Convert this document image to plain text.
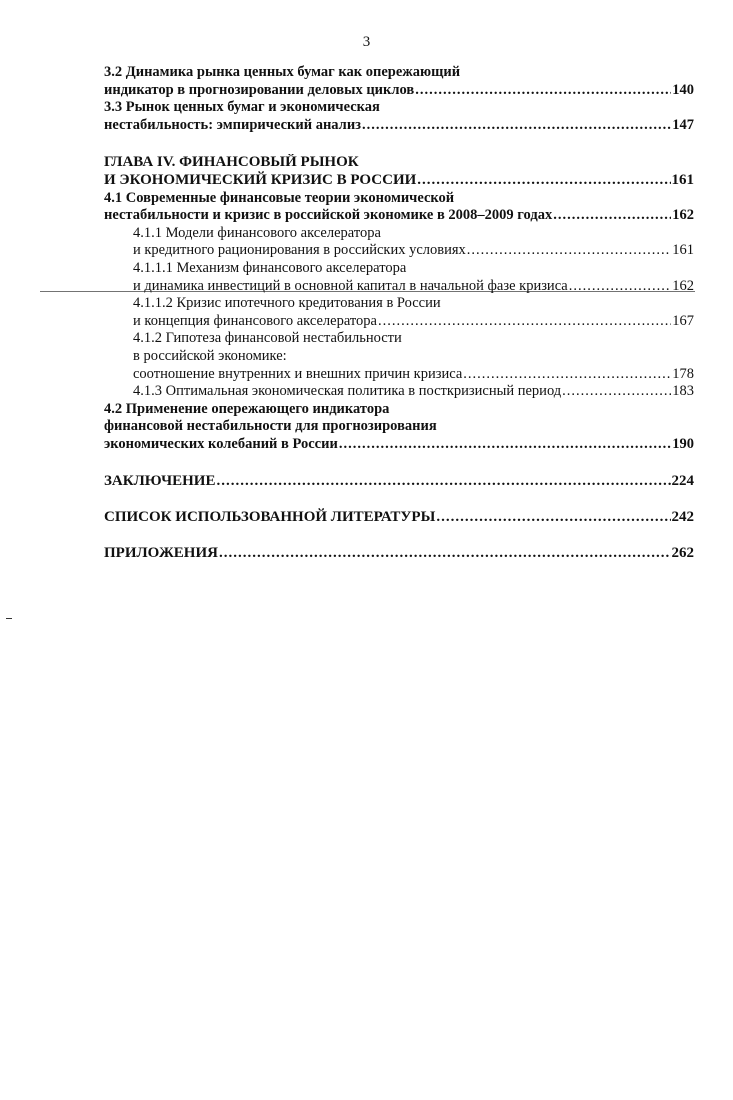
3
3.2 Динамика рынка ценных бумаг как опережающий
индикатор в прогнозировании деловых циклов .....	140
3.3 Рынок ценных бумаг и экономическая
нестабильность: эмпирический анализ .....	147
ГЛАВА IV. ФИНАНСОВЫЙ РЫНОК
И ЭКОНОМИЧЕСКИЙ КРИЗИС В РОССИИ .....	161
4.1 Современные финансовые теории экономической
нестабильности и кризис в российской экономике в 2008–2009 годах .....	162
4.1.1 Модели финансового акселератора
и кредитного рационирования в российских условиях .....	161
4.1.1.1 Механизм финансового акселератора
и динамика инвестиций в основной капитал в начальной фазе кризиса .....	162
4.1.1.2 Кризис ипотечного кредитования в России
и концепция финансового акселератора .....	167
4.1.2 Гипотеза финансовой нестабильности
в российской экономике:
соотношение внутренних и внешних причин кризиса .....	178
4.1.3 Оптимальная экономическая политика в посткризисный период .....	183
4.2 Применение опережающего индикатора
финансовой нестабильности для прогнозирования
экономических колебаний в России .....	190
ЗАКЛЮЧЕНИЕ .....	224
СПИСОК ИСПОЛЬЗОВАННОЙ ЛИТЕРАТУРЫ .....	242
ПРИЛОЖЕНИЯ .....	262
